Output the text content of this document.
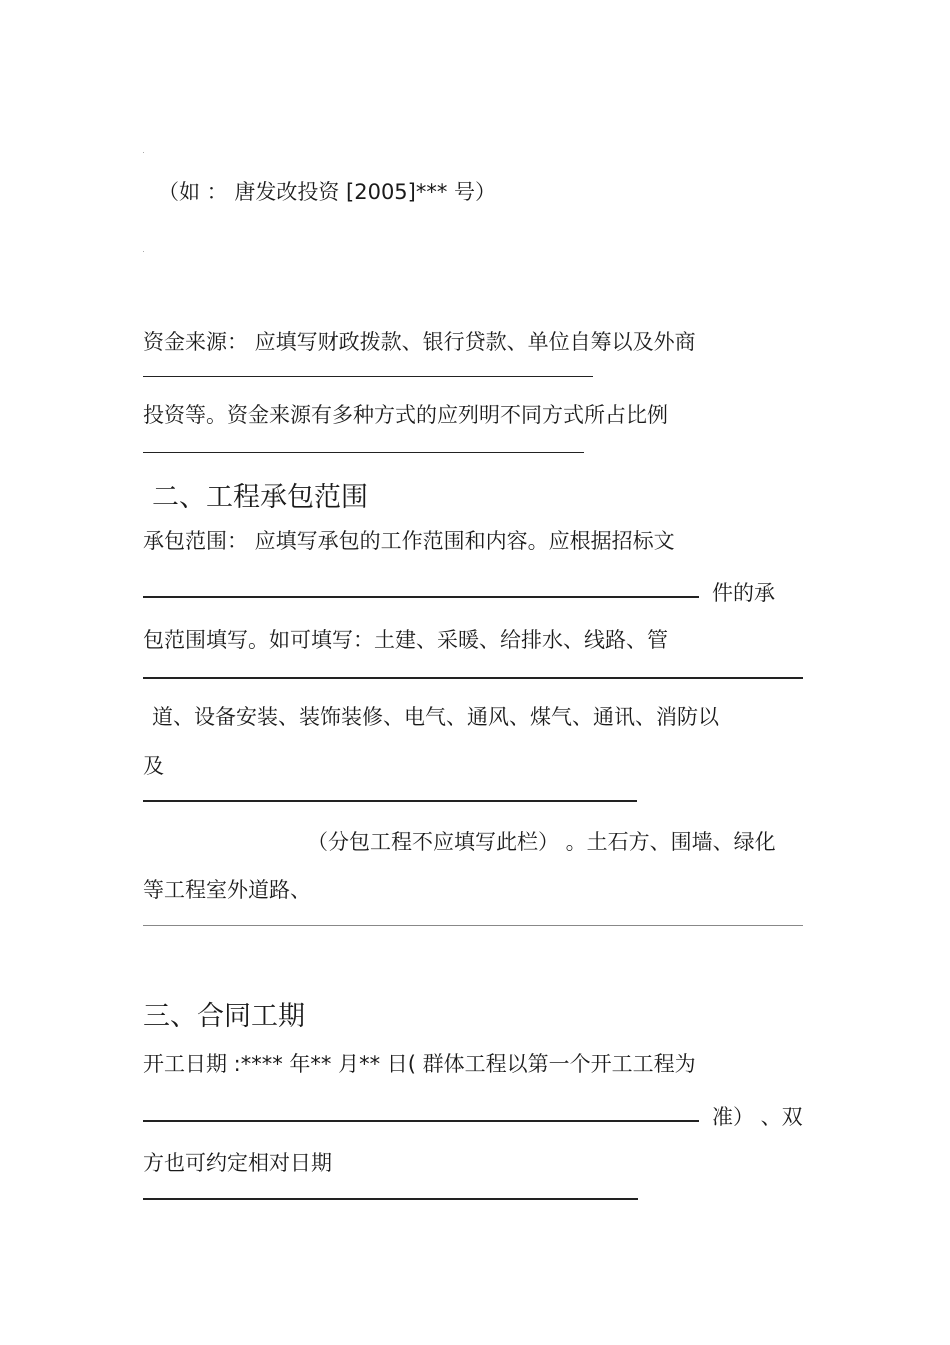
（如 ： 唐发改投资 [2005]*** 号）
资金来源： 应填写财政拨款、银行贷款、单位自筹以及外商
投资等。资金来源有多种方式的应列明不同方式所占比例
二、工程承包范围
承包范围： 应填写承包的工作范围和内容。应根据招标文
件的承
包范围填写。如可填写：土建、采暖、给排水、线路、管
道、设备安装、装饰装修、电气、通风、煤气、通讯、消防以
及
（分包工程不应填写此栏） 。土石方、围墙、绿化
等工程室外道路、
三、合同工期
开工日期 :**** 年** 月** 日( 群体工程以第一个开工工程为
准） 、双
方也可约定相对日期
